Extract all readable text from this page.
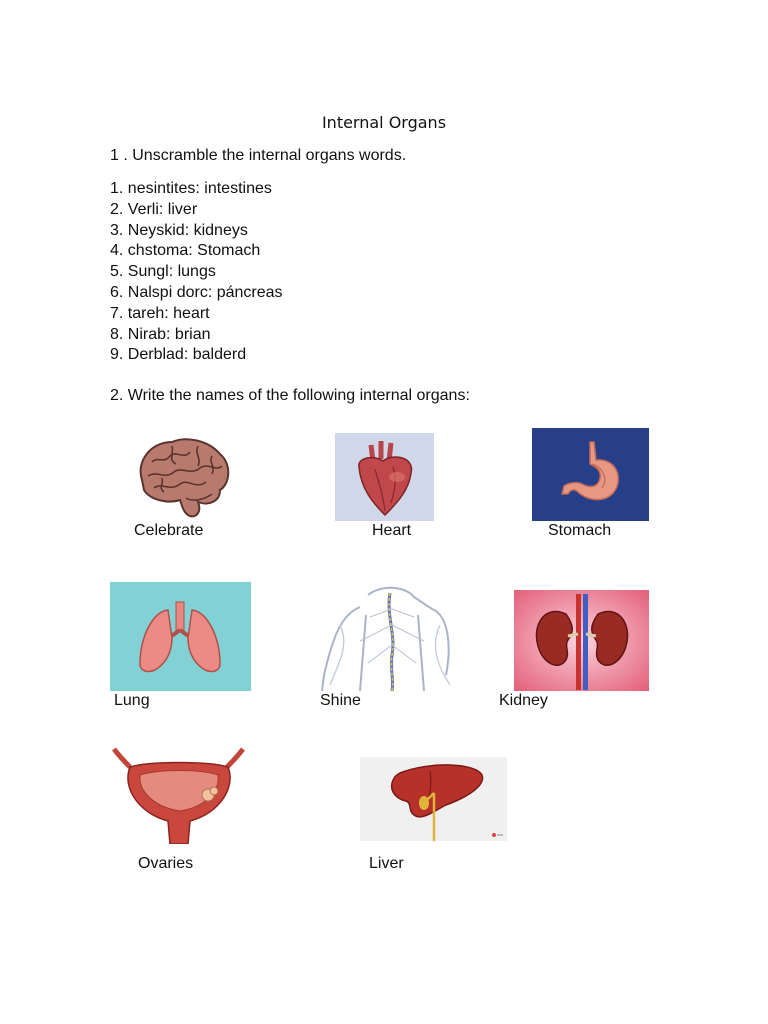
Internal Organs
1 . Unscramble the internal organs words.
1. nesintites: intestines
2. Verli: liver
3. Neyskid: kidneys
4. chstoma: Stomach
5. Sungl: lungs
6. Nalspi dorc: páncreas
7. tareh: heart
8. Nirab: brian
9. Derblad: balderd
2. Write the names of the following internal organs:
Celebrate	Heart	Stomach
Lung	Shine	Kidney
Ovaries	Liver
